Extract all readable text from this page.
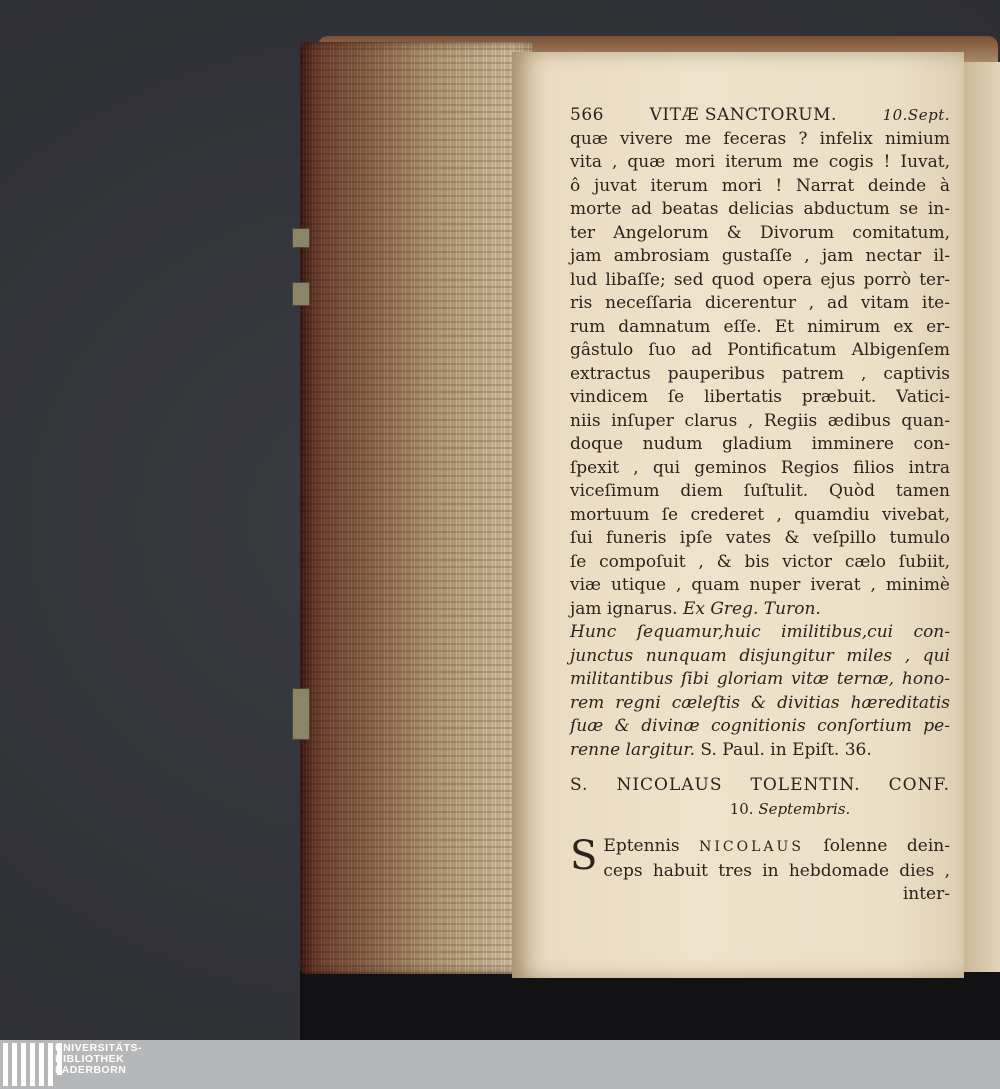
566	VITÆ SANCTORUM.	10.Sept.
quæ vivere me feceras ? infelix nimium
vita , quæ mori iterum me cogis ! Iuvat,
ô juvat iterum mori ! Narrat deinde à
morte ad beatas delicias abductum se in-
ter Angelorum & Divorum comitatum,
jam ambrosiam gustaſſe , jam nectar il-
lud libaſſe; sed quod opera ejus porrò ter-
ris neceſſaria dicerentur , ad vitam ite-
rum damnatum eſſe. Et nimirum ex er-
gâstulo ſuo ad Pontificatum Albigenſem
extractus pauperibus patrem , captivis
vindicem ſe libertatis præbuit. Vatici-
niis inſuper clarus , Regiis ædibus quan-
doque nudum gladium imminere con-
ſpexit , qui geminos Regios filios intra
viceſimum diem ſuſtulit. Quòd tamen
mortuum ſe crederet , quamdiu vivebat,
ſui funeris ipſe vates & veſpillo tumulo
ſe compoſuit , & bis victor cælo ſubiit,
viæ utique , quam nuper iverat , minimè
jam ignarus. Ex Greg. Turon.
Hunc ſequamur,huic imilitibus,cui con-
junctus nunquam disjungitur miles , qui
militantibus ſibi gloriam vitæ ternæ, hono-
rem regni cæleſtis & divitias hæreditatis
ſuæ & divinæ cognitionis conſortium pe-
renne largitur. S. Paul. in Epiſt. 36.
S. NICOLAUS TOLENTIN. CONF.
10. Septembris.
S Eptennis NICOLAUS ſolenne dein-
ceps habuit tres in hebdomade dies ,
inter-
UNIVERSITÄTS-
BIBLIOTHEK
PADERBORN
